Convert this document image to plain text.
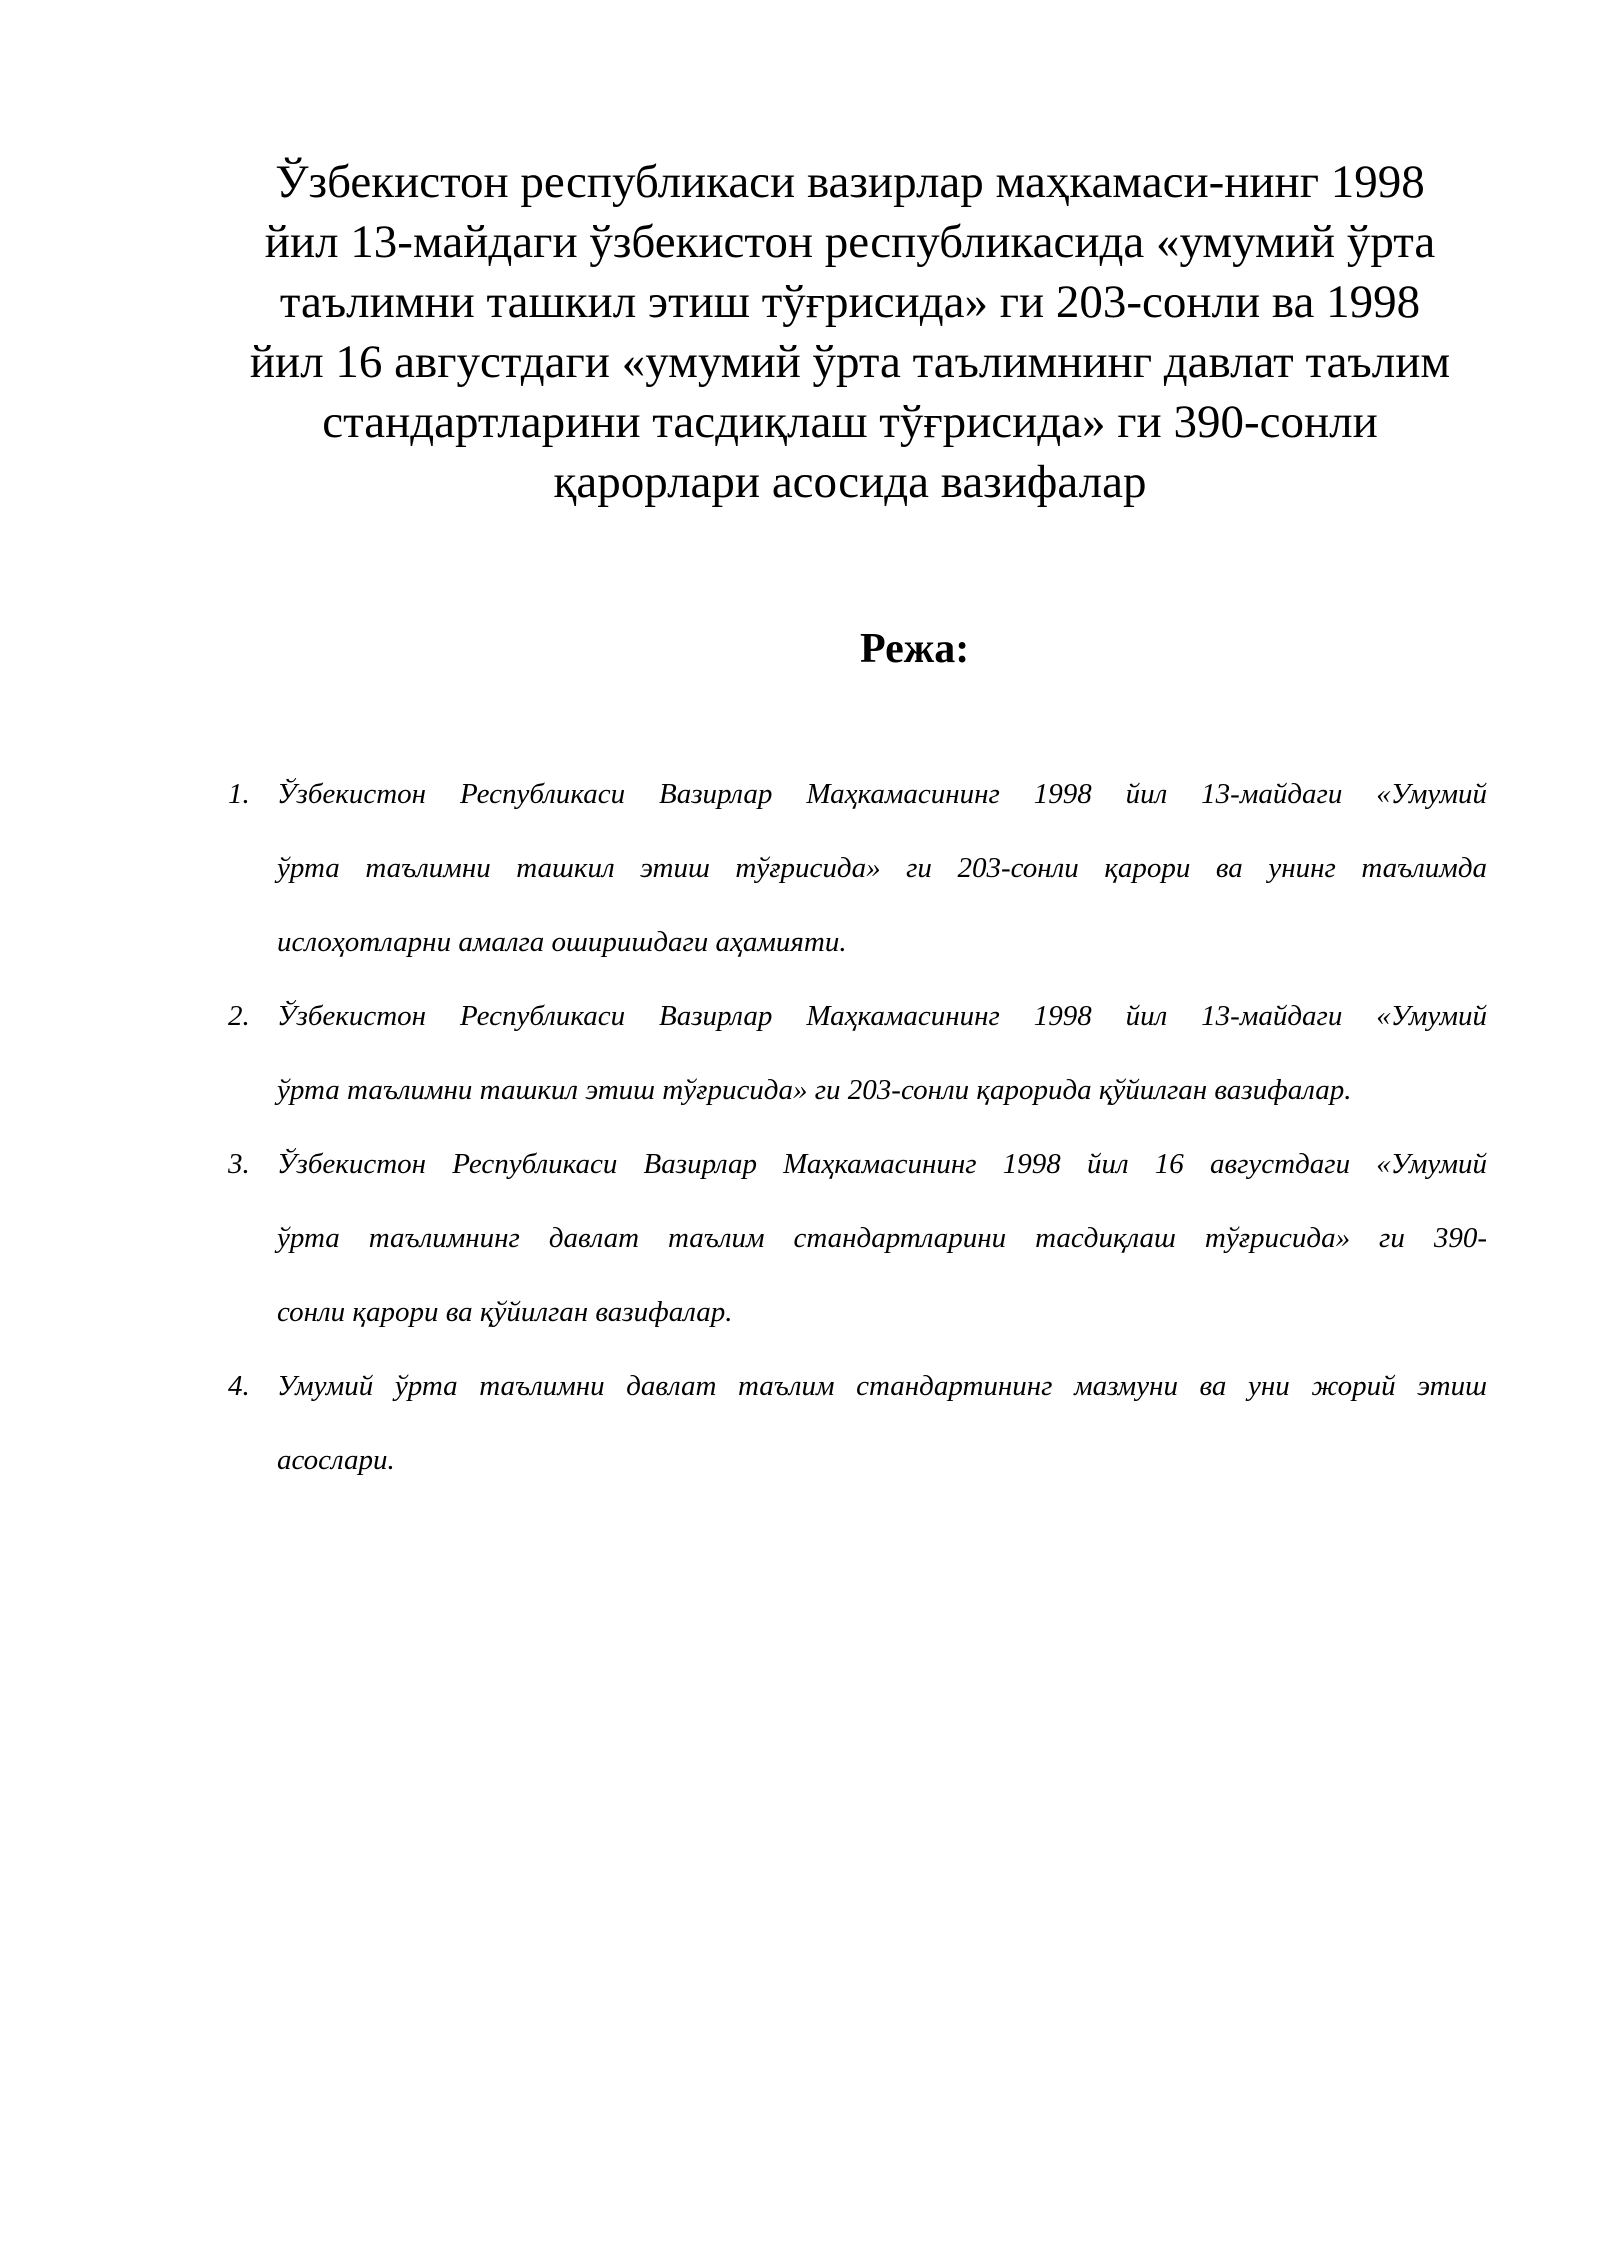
Ўзбекистон республикаси вазирлар маҳкамаси-нинг 1998
йил 13-майдаги ўзбекистон республикасида «умумий ўрта
таълимни ташкил этиш тўғрисида» ги 203-сонли ва 1998
йил 16 августдаги «умумий ўрта таълимнинг давлат таълим
стандартларини тасдиқлаш тўғрисида» ги 390-сонли
қарорлари асосида вазифалар
Режа:
1. Ўзбекистон Республикаси Вазирлар Маҳкамасининг 1998 йил 13-майдаги «Умумий
ўрта таълимни ташкил этиш тўғрисида» ги 203-сонли қарори ва унинг таълимда
ислоҳотларни амалга оширишдаги аҳамияти.
2. Ўзбекистон Республикаси Вазирлар Маҳкамасининг 1998 йил 13-майдаги «Умумий
ўрта таълимни ташкил этиш тўғрисида» ги 203-сонли қарорида қўйилган вазифалар.
3. Ўзбекистон Республикаси Вазирлар Маҳкамасининг 1998 йил 16 августдаги «Умумий
ўрта таълимнинг давлат таълим стандартларини тасдиқлаш тўғрисида» ги 390-
сонли қарори ва қўйилган вазифалар.
4. Умумий ўрта таълимни давлат таълим стандартининг мазмуни ва уни жорий этиш
асослари.
